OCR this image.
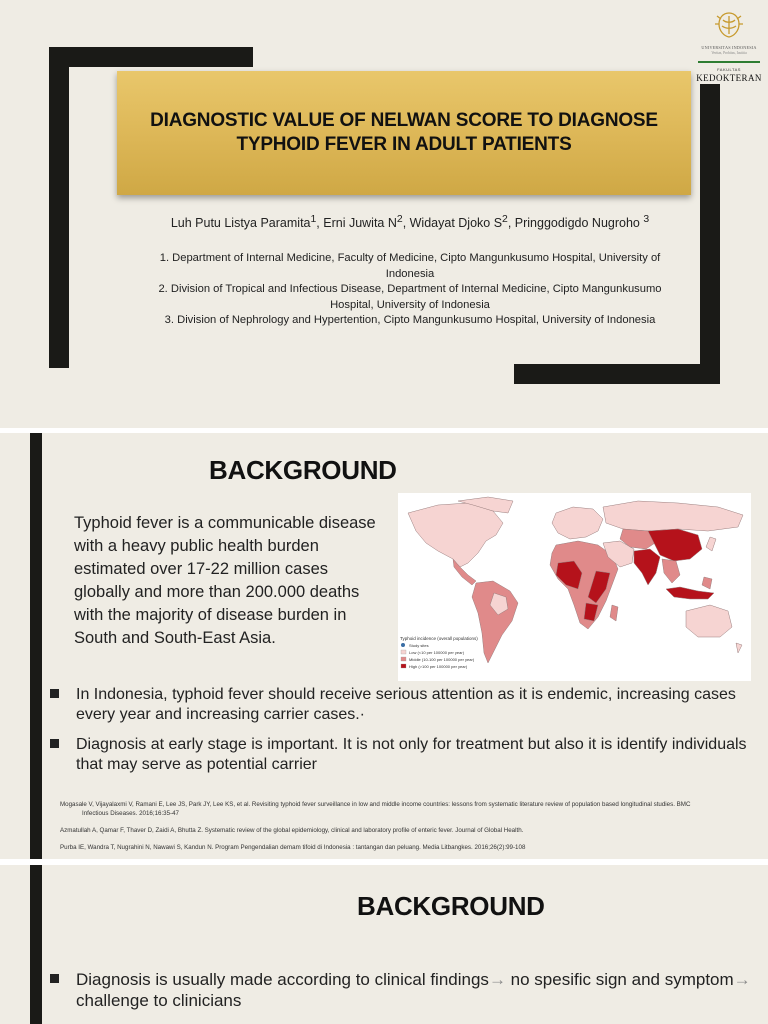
DIAGNOSTIC VALUE OF NELWAN SCORE TO DIAGNOSE TYPHOID FEVER IN ADULT PATIENTS
Luh Putu Listya Paramita$^1$, Erni Juwita $N^2$, Widayat Djoko $S^2$, Pringgodigdo Nugroho $^3$
1. Department of Internal Medicine, Faculty of Medicine, Cipto Mangunkusumo Hospital, University of Indonesia
2. Division of Tropical and Infectious Disease, Department of Internal Medicine, Cipto Mangunkusumo Hospital, University of Indonesia
3. Division of Nephrology and Hypertention, Cipto Mangunkusumo Hospital, University of Indonesia
UNIVERSITAS INDONESIA
Veritas, Probitas, Iustitia
FAKULTAS
KEDOKTERAN
BACKGROUND
Typhoid fever is a communicable disease with a heavy public health burden estimated over 17-22 million cases globally and more than 200.000 deaths with the majority of disease burden in South and South-East Asia.	Typhoid incidence (overall populations)
Study sites
Low (<10 per 100000 per year)
Middle (10-100 per 100000 per year)
High (>100 per 100000 per year)
In Indonesia, typhoid fever should receive serious attention as it is endemic, increasing cases every year and increasing carrier cases.·
Diagnosis at early stage is important. It is not only for treatment but also it is identify individuals that may serve as potential carrier
Mogasale V, Vijayalaxmi V, Ramani E, Lee JS, Park JY, Lee KS, et al. Revisiting typhoid fever surveillance in low and middle income countries: lessons from systematic literature review of population based longitudinal studies. BMC
Infectious Diseases. 2016;16:35-47
Azmatullah A, Qamar F, Thaver D, Zaidi A, Bhutta Z. Systematic review of the global epidemiology, clinical and laboratory profile of enteric fever. Journal of Global Health.
Purba IE, Wandra T, Nugrahini N, Nawawi S, Kandun N. Program Pengendalian demam tifoid di Indonesia : tantangan dan peluang. Media Litbangkes. 2016;26(2):99-108
BACKGROUND
Diagnosis is usually made according to clinical findings→ no spesific sign and symptom→ challenge to clinicians
